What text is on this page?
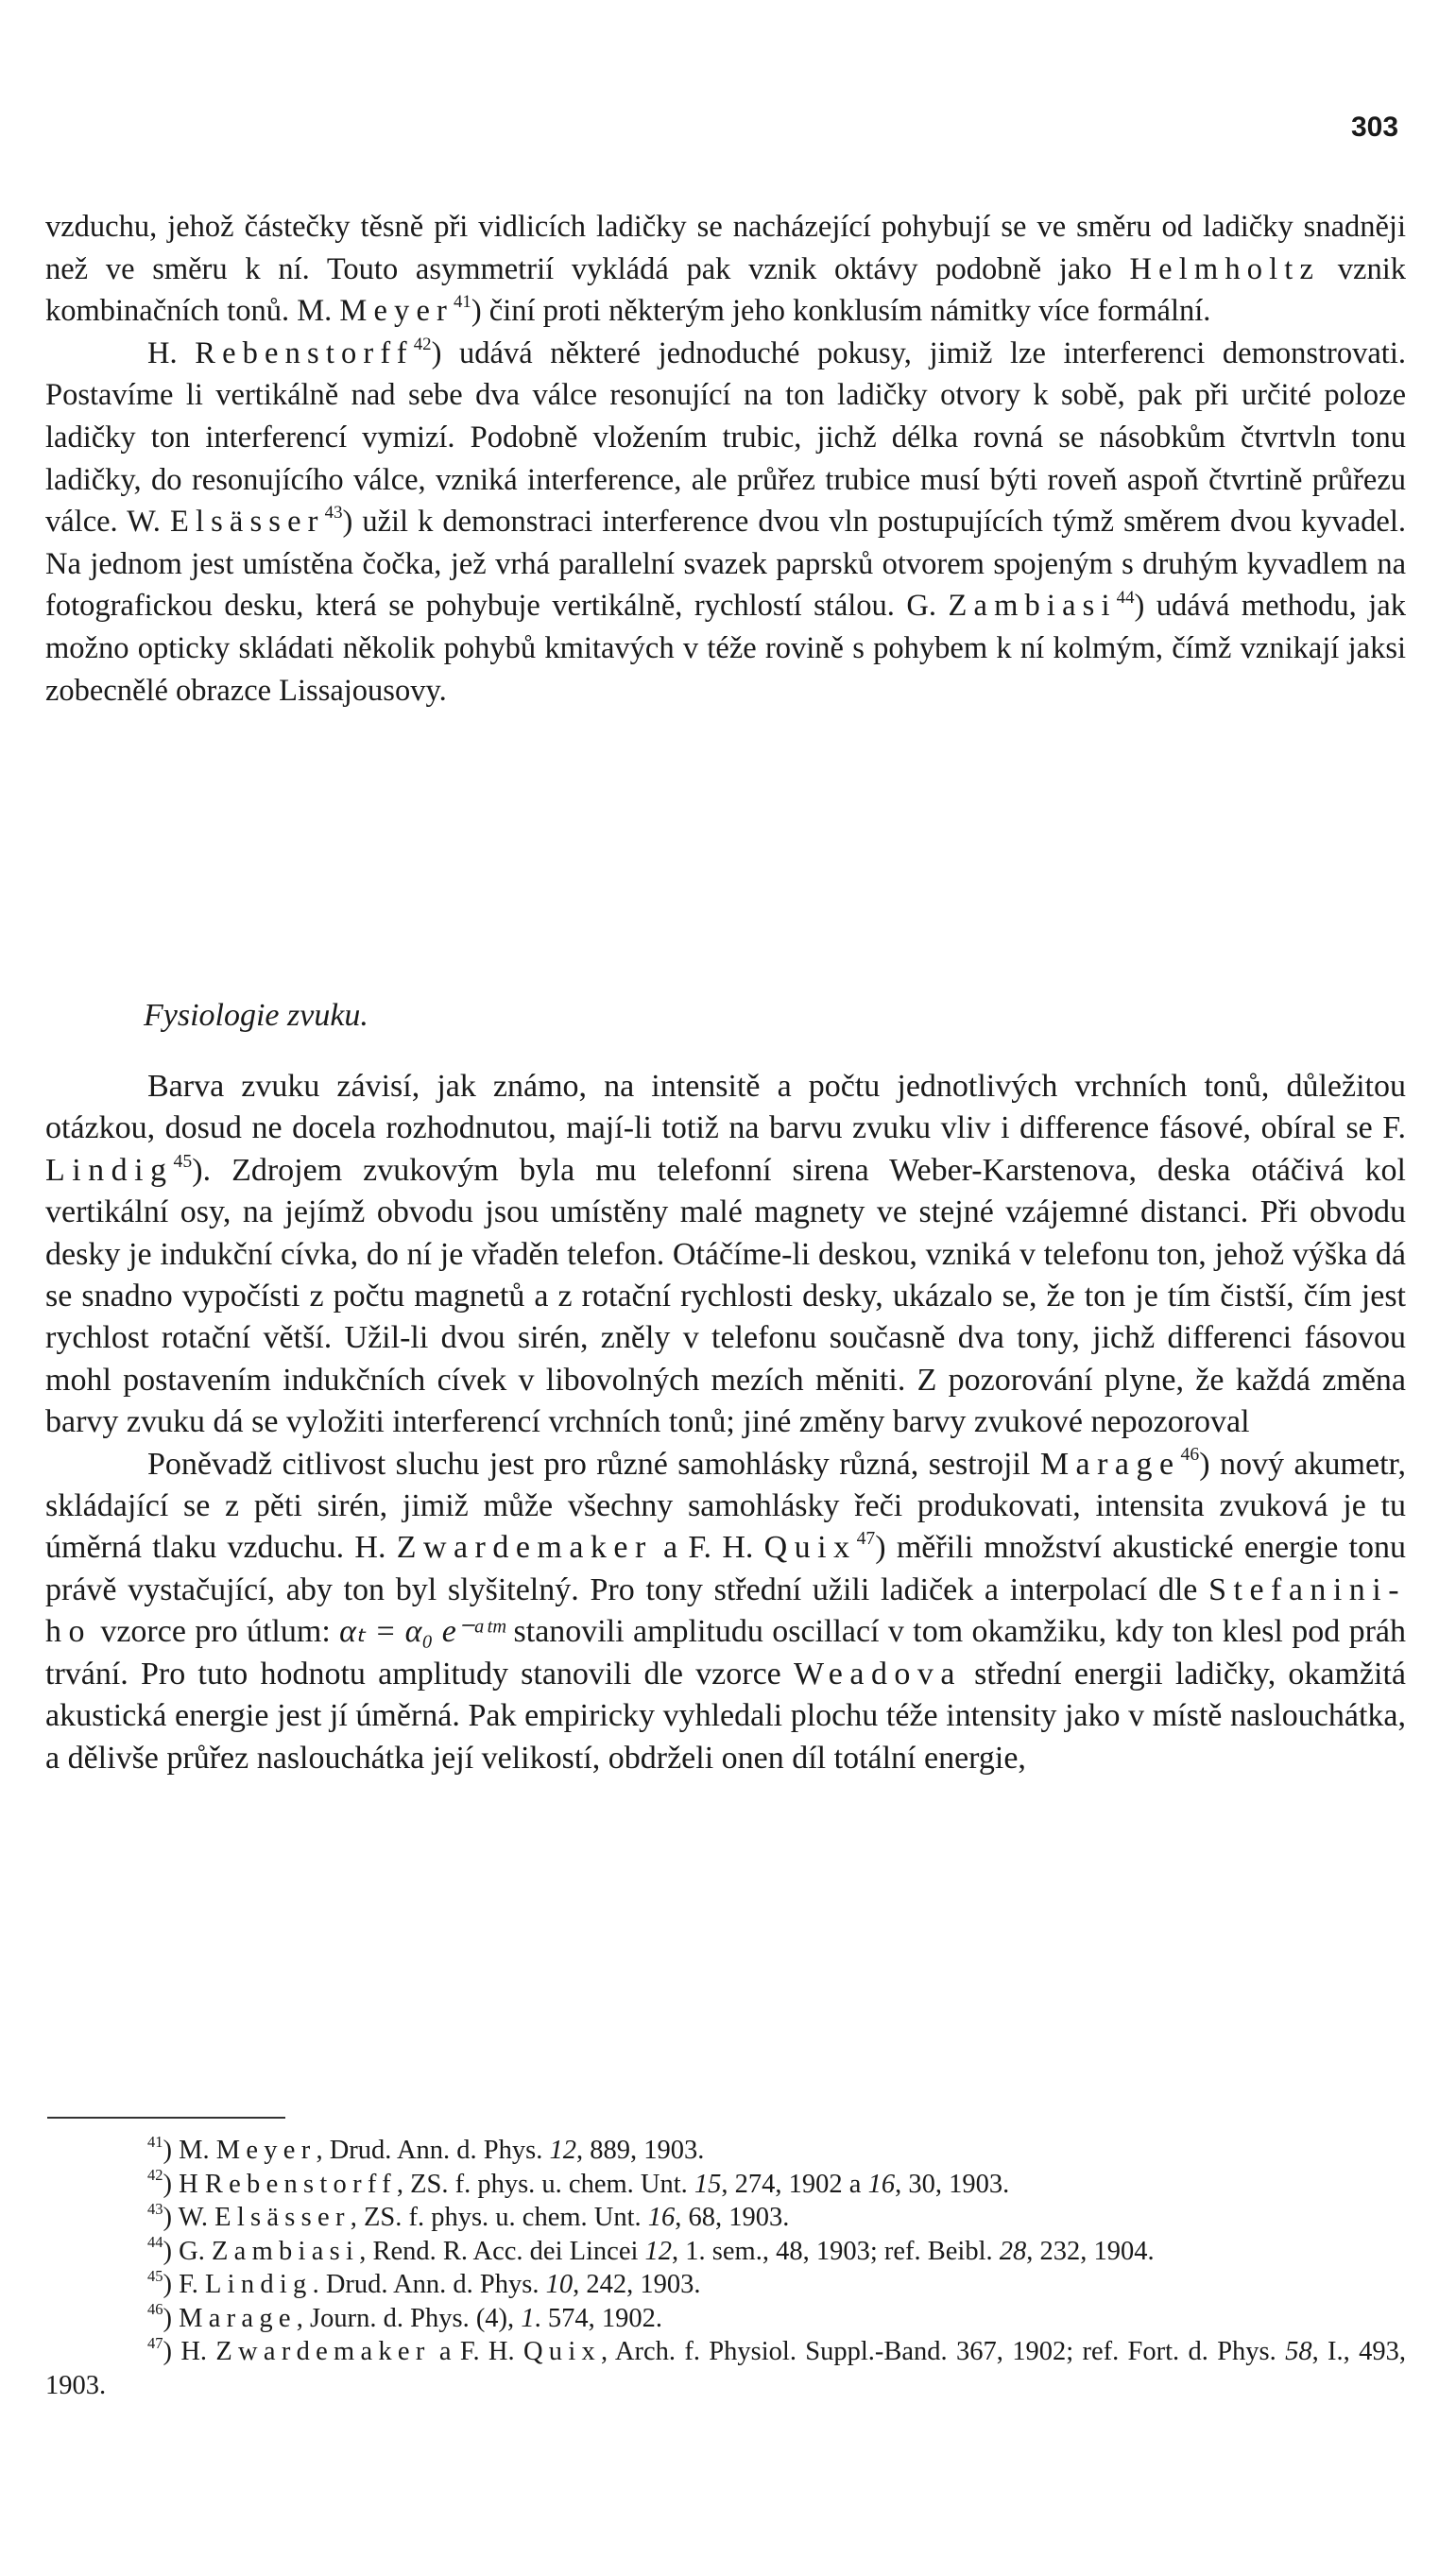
303

vzduchu, jehož částečky těsně při vidlicích ladičky se nacházející pohybují se ve směru od ladičky snadněji než ve směru k ní. Touto asymmetrií vykládá pak vznik oktávy podobně jako Helmholtz vznik kombinačních tonů. M. Meyer$^{41}$) činí proti některým jeho konklusím námitky více formální.

H. Rebenstorff$^{42}$) udává některé jednoduché pokusy, jimiž lze interferenci demonstrovati. Postavíme li vertikálně nad sebe dva válce resonující na ton ladičky otvory k sobě, pak při určité poloze ladičky ton interferencí vymizí. Podobně vložením trubic, jichž délka rovná se násobkům čtvrtvln tonu ladičky, do resonujícího válce, vzniká interference, ale průřez trubice musí býti roveň aspoň čtvrtině průřezu válce. W. Elsässer$^{43}$) užil k demonstraci interference dvou vln postupujících týmž směrem dvou kyvadel. Na jednom jest umístěna čočka, jež vrhá parallelní svazek paprsků otvorem spojeným s druhým kyvadlem na fotografickou desku, která se pohybuje vertikálně, rychlostí stálou. G. Zambiasi$^{44}$) udává methodu, jak možno opticky skládati několik pohybů kmitavých v téže rovině s pohybem k ní kolmým, čímž vznikají jaksi zobecnělé obrazce Lissajousovy.

Fysiologie zvuku.

Barva zvuku závisí, jak známo, na intensitě a počtu jednotlivých vrchních tonů, důležitou otázkou, dosud ne docela rozhodnutou, mají-li totiž na barvu zvuku vliv i difference fásové, obíral se F. Lindig$^{45}$). Zdrojem zvukovým byla mu telefonní sirena Weber-Karstenova, deska otáčivá kol vertikální osy, na jejímž obvodu jsou umístěny malé magnety ve stejné vzájemné distanci. Při obvodu desky je indukční cívka, do ní je vřaděn telefon. Otáčíme-li deskou, vzniká v telefonu ton, jehož výška dá se snadno vypočísti z počtu magnetů a z rotační rychlosti desky, ukázalo se, že ton je tím čistší, čím jest rychlost rotační větší. Užil-li dvou sirén, zněly v telefonu současně dva tony, jichž differenci fásovou mohl postavením indukčních cívek v libovolných mezích měniti. Z pozorování plyne, že každá změna barvy zvuku dá se vyložiti interferencí vrchních tonů; jiné změny barvy zvukové nepozoroval

Poněvadž citlivost sluchu jest pro různé samohlásky různá, sestrojil Marage$^{46}$) nový akumetr, skládající se z pěti sirén, jimiž může všechny samohlásky řeči produkovati, intensita zvuková je tu úměrná tlaku vzduchu. H. Zwardemaker a F. H. Quix$^{47}$) měřili množství akustické energie tonu právě vystačující, aby ton byl slyšitelný. Pro tony střední užili ladiček a interpolací dle Stefanini-ho vzorce pro útlum: αₜ = α₀ e⁻ᵃᵗᵐ stanovili amplitudu oscillací v tom okamžiku, kdy ton klesl pod práh trvání. Pro tuto hodnotu amplitudy stanovili dle vzorce Weadova střední energii ladičky, okamžitá akustická energie jest jí úměrná. Pak empiricky vyhledali plochu téže intensity jako v místě naslouchátka, a dělivše průřez naslouchátka její velikostí, obdrželi onen díl totální energie,

$^{41}$) M. Meyer, Drud. Ann. d. Phys. 12, 889, 1903.

$^{42}$) H Rebenstorff, ZS. f. phys. u. chem. Unt. 15, 274, 1902 a 16, 30, 1903.

$^{43}$) W. Elsässer, ZS. f. phys. u. chem. Unt. 16, 68, 1903.

$^{44}$) G. Zambiasi, Rend. R. Acc. dei Lincei 12, 1. sem., 48, 1903; ref. Beibl. 28, 232, 1904.

$^{45}$) F. Lindig. Drud. Ann. d. Phys. 10, 242, 1903.

$^{46}$) Marage, Journ. d. Phys. (4), 1. 574, 1902.

$^{47}$) H. Zwardemaker a F. H. Quix, Arch. f. Physiol. Suppl.-Band. 367, 1902; ref. Fort. d. Phys. 58, I., 493, 1903.
